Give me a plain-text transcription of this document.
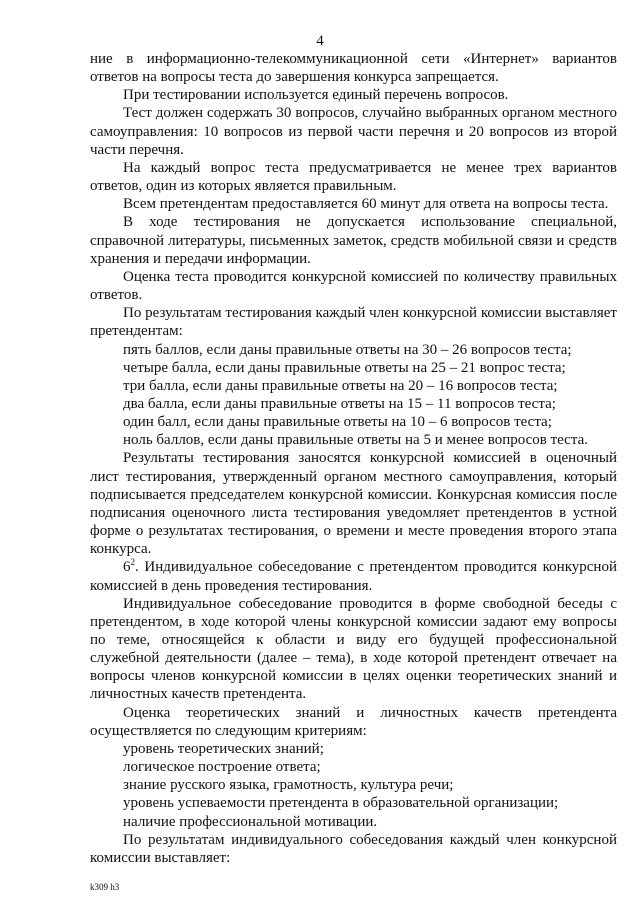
4

ние в информационно-телекоммуникационной сети «Интернет» вариантов ответов на вопросы теста до завершения конкурса запрещается.

При тестировании используется единый перечень вопросов.

Тест должен содержать 30 вопросов, случайно выбранных органом местного самоуправления: 10 вопросов из первой части перечня и 20 вопросов из второй части перечня.

На каждый вопрос теста предусматривается не менее трех вариантов ответов, один из которых является правильным.

Всем претендентам предоставляется 60 минут для ответа на вопросы теста.

В ходе тестирования не допускается использование специальной, справочной литературы, письменных заметок, средств мобильной связи и средств хранения и передачи информации.

Оценка теста проводится конкурсной комиссией по количеству правильных ответов.

По результатам тестирования каждый член конкурсной комиссии выставляет претендентам:

пять баллов, если даны правильные ответы на 30 – 26 вопросов теста;

четыре балла, если даны правильные ответы на 25 – 21 вопрос теста;

три балла, если даны правильные ответы на 20 – 16 вопросов теста;

два балла, если даны правильные ответы на 15 – 11 вопросов теста;

один балл, если даны правильные ответы на 10 – 6 вопросов теста;

ноль баллов, если даны правильные ответы на 5 и менее вопросов теста.

Результаты тестирования заносятся конкурсной комиссией в оценочный лист тестирования, утвержденный органом местного самоуправления, который подписывается председателем конкурсной комиссии. Конкурсная комиссия после подписания оценочного листа тестирования уведомляет претендентов в устной форме о результатах тестирования, о времени и месте проведения второго этапа конкурса.

$6^2$. Индивидуальное собеседование с претендентом проводится конкурсной комиссией в день проведения тестирования.

Индивидуальное собеседование проводится в форме свободной беседы с претендентом, в ходе которой члены конкурсной комиссии задают ему вопросы по теме, относящейся к области и виду его будущей профессиональной служебной деятельности (далее – тема), в ходе которой претендент отвечает на вопросы членов конкурсной комиссии в целях оценки теоретических знаний и личностных качеств претендента.

Оценка теоретических знаний и личностных качеств претендента осуществляется по следующим критериям:

уровень теоретических знаний;

логическое построение ответа;

знание русского языка, грамотность, культура речи;

уровень успеваемости претендента в образовательной организации;

наличие профессиональной мотивации.

По результатам индивидуального собеседования каждый член конкурсной комиссии выставляет:

k309 h3
